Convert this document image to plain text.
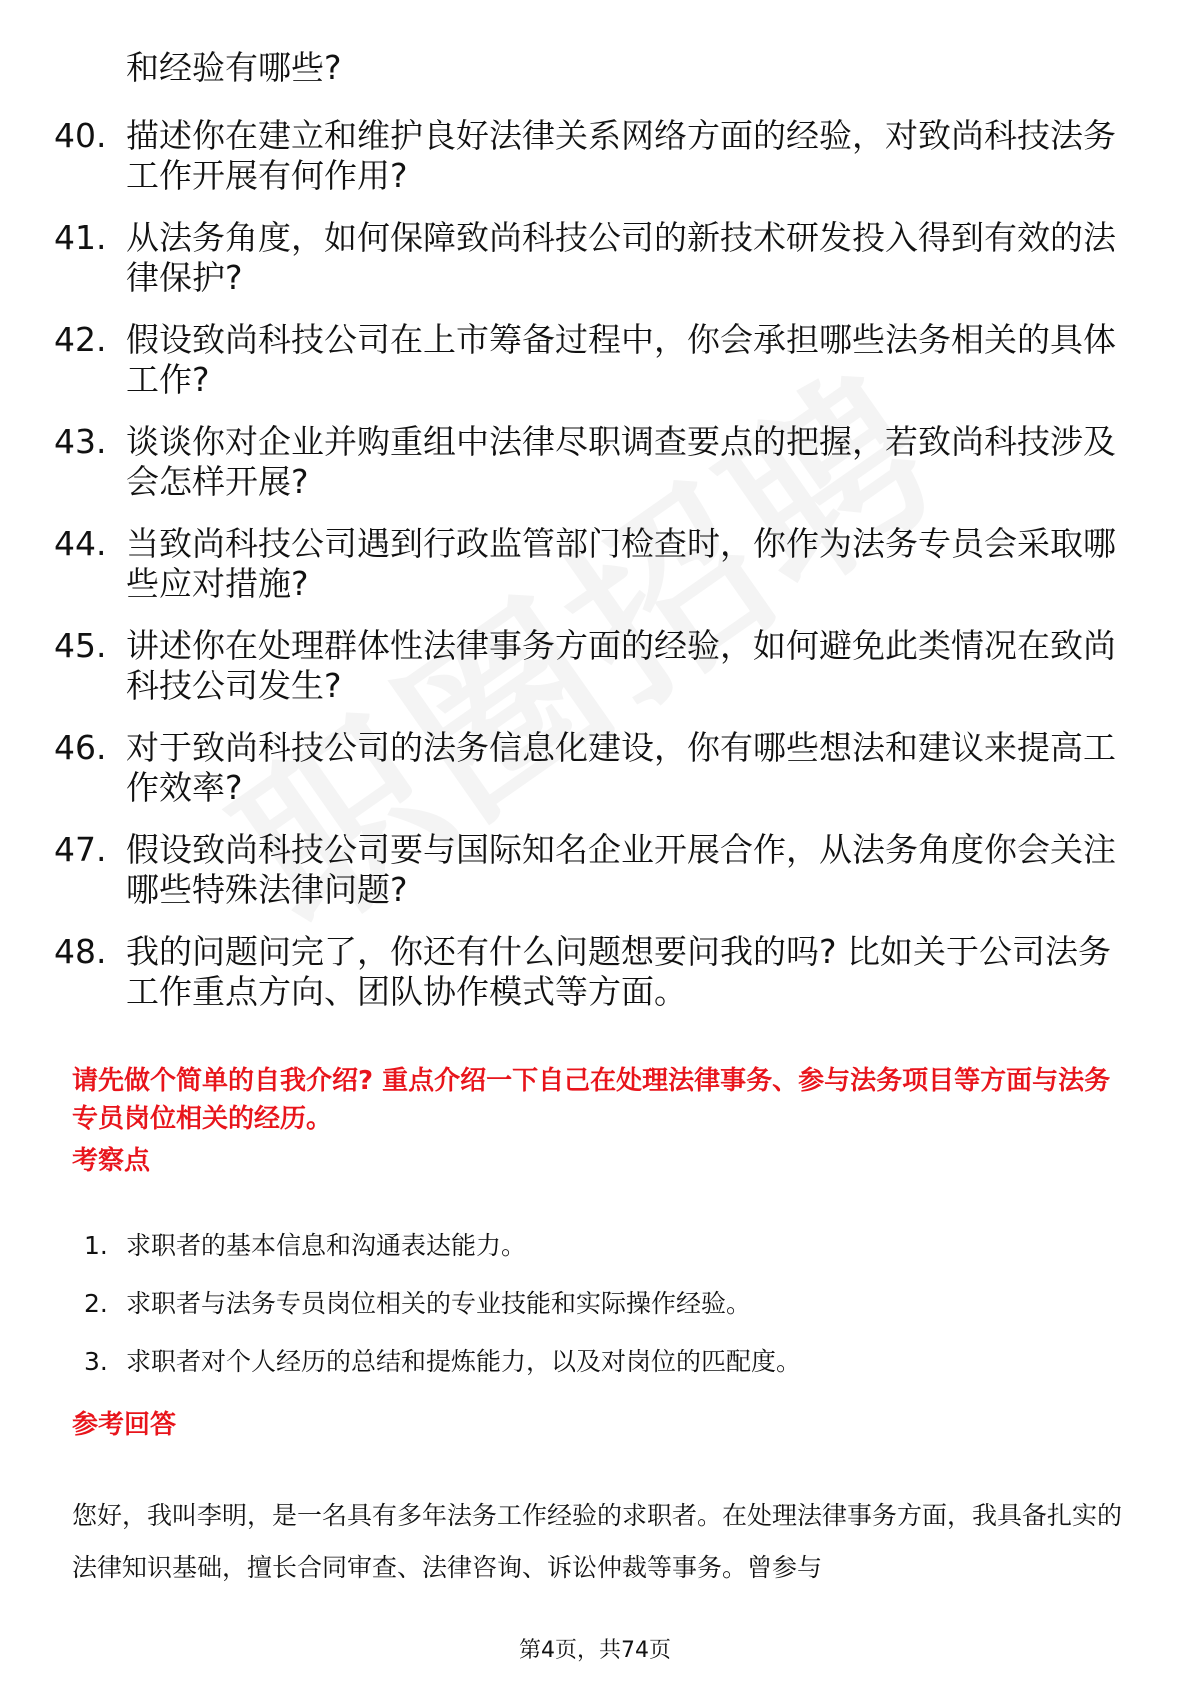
和经验有哪些?

40. 描述你在建立和维护良好法律关系网络方面的经验，对致尚科技法务工作开展有何作用?
41. 从法务角度，如何保障致尚科技公司的新技术研发投入得到有效的法律保护?
42. 假设致尚科技公司在上市筹备过程中，你会承担哪些法务相关的具体工作?
43. 谈谈你对企业并购重组中法律尽职调查要点的把握，若致尚科技涉及会怎样开展?
44. 当致尚科技公司遇到行政监管部门检查时，你作为法务专员会采取哪些应对措施?
45. 讲述你在处理群体性法律事务方面的经验，如何避免此类情况在致尚科技公司发生?
46. 对于致尚科技公司的法务信息化建设，你有哪些想法和建议来提高工作效率?
47. 假设致尚科技公司要与国际知名企业开展合作，从法务角度你会关注哪些特殊法律问题?
48. 我的问题问完了，你还有什么问题想要问我的吗? 比如关于公司法务工作重点方向、团队协作模式等方面。

请先做个简单的自我介绍? 重点介绍一下自己在处理法律事务、参与法务项目等方面与法务专员岗位相关的经历。

考察点
1. 求职者的基本信息和沟通表达能力。
2. 求职者与法务专员岗位相关的专业技能和实际操作经验。
3. 求职者对个人经历的总结和提炼能力，以及对岗位的匹配度。
参考回答

您好，我叫李明，是一名具有多年法务工作经验的求职者。在处理法律事务方面，我具备扎实的法律知识基础，擅长合同审查、法律咨询、诉讼仲裁等事务。曾参与

第4页，共74页
